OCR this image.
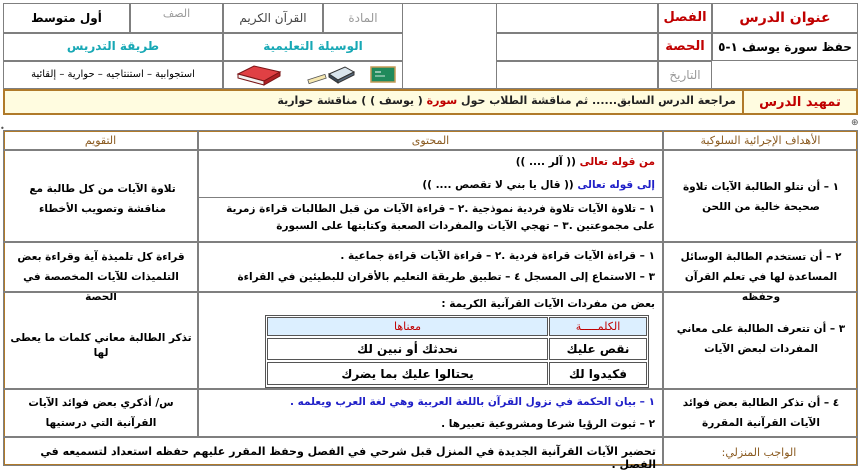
عنوان الدرس
الفصل
المادة
القرآن الكريم
الصف
أول متوسط
حفظ سورة يوسف ١-٥
الحصة
الوسيلة التعليمية
طريقة التدريس
التاريخ
استجوابية – استنتاجيه – حوارية – إلقائية
تمهيد الدرس
مراجعة الدرس السابق...... ثم مناقشة الطلاب حول سورة ( يوسف ) ) مناقشة حوارية
⊕
•
الأهداف الإجرائية السلوكية
المحتوى
التقويم
١ – أن تتلو الطالبة الآيات تلاوة صحيحة خالية من اللحن
من قوله تعالى (( آلر .... ))
إلى قوله تعالى (( قال يا بني لا تقصص .... ))
١ – تلاوة الآيات تلاوة فردية نموذجية .٢ – قراءة الآيات من قبل الطالبات قراءة زمرية على مجموعتين .٣ – تهجي الآيات والمفردات الصعبة وكتابتها على السبورة
تلاوة الآيات من كل طالبة مع مناقشة وتصويب الأخطاء
٢ – أن تستخدم الطالبة الوسائل المساعدة لها في تعلم القرآن وحفظه
١ – قراءة الآيات قراءة فردية .٢ – قراءة الآيات قراءة جماعية .
٣ – الاستماع إلى المسجل ٤ – تطبيق طريقة التعليم بالأقران للبطيئين في القراءة
قراءة كل تلميذة آية وقراءة بعض التلميذات للآيات المخصصة في الحصة
٣ – أن تتعرف الطالبة على معاني المفردات لبعض الآيات
بعض من مفردات الآيات القرآنية الكريمة :
الكلمـــــة
معناها
نقص عليك
نحدثك أو نبين لك
فكيدوا لك
يحتالوا عليك بما يضرك
تذكر الطالبة معاني كلمات ما يعطى لها
٤ – أن تذكر الطالبة بعض فوائد الآيات القرآنية المقررة
١ – بيان الحكمة في نزول القرآن باللغة العربية وهي لغة العرب ويعلمه .
٢ – ثبوت الرؤيا شرعا ومشروعية تعبيرها .
س/ أذكري بعض فوائد الآيات القرآنية التي درستيها
الواجب المنزلي:
تحضير الآيات القرآنية الجديدة في المنزل قبل شرحي في الفصل وحفظ المقرر عليهم حفظه استعداد لتسميعه في الفصل .
